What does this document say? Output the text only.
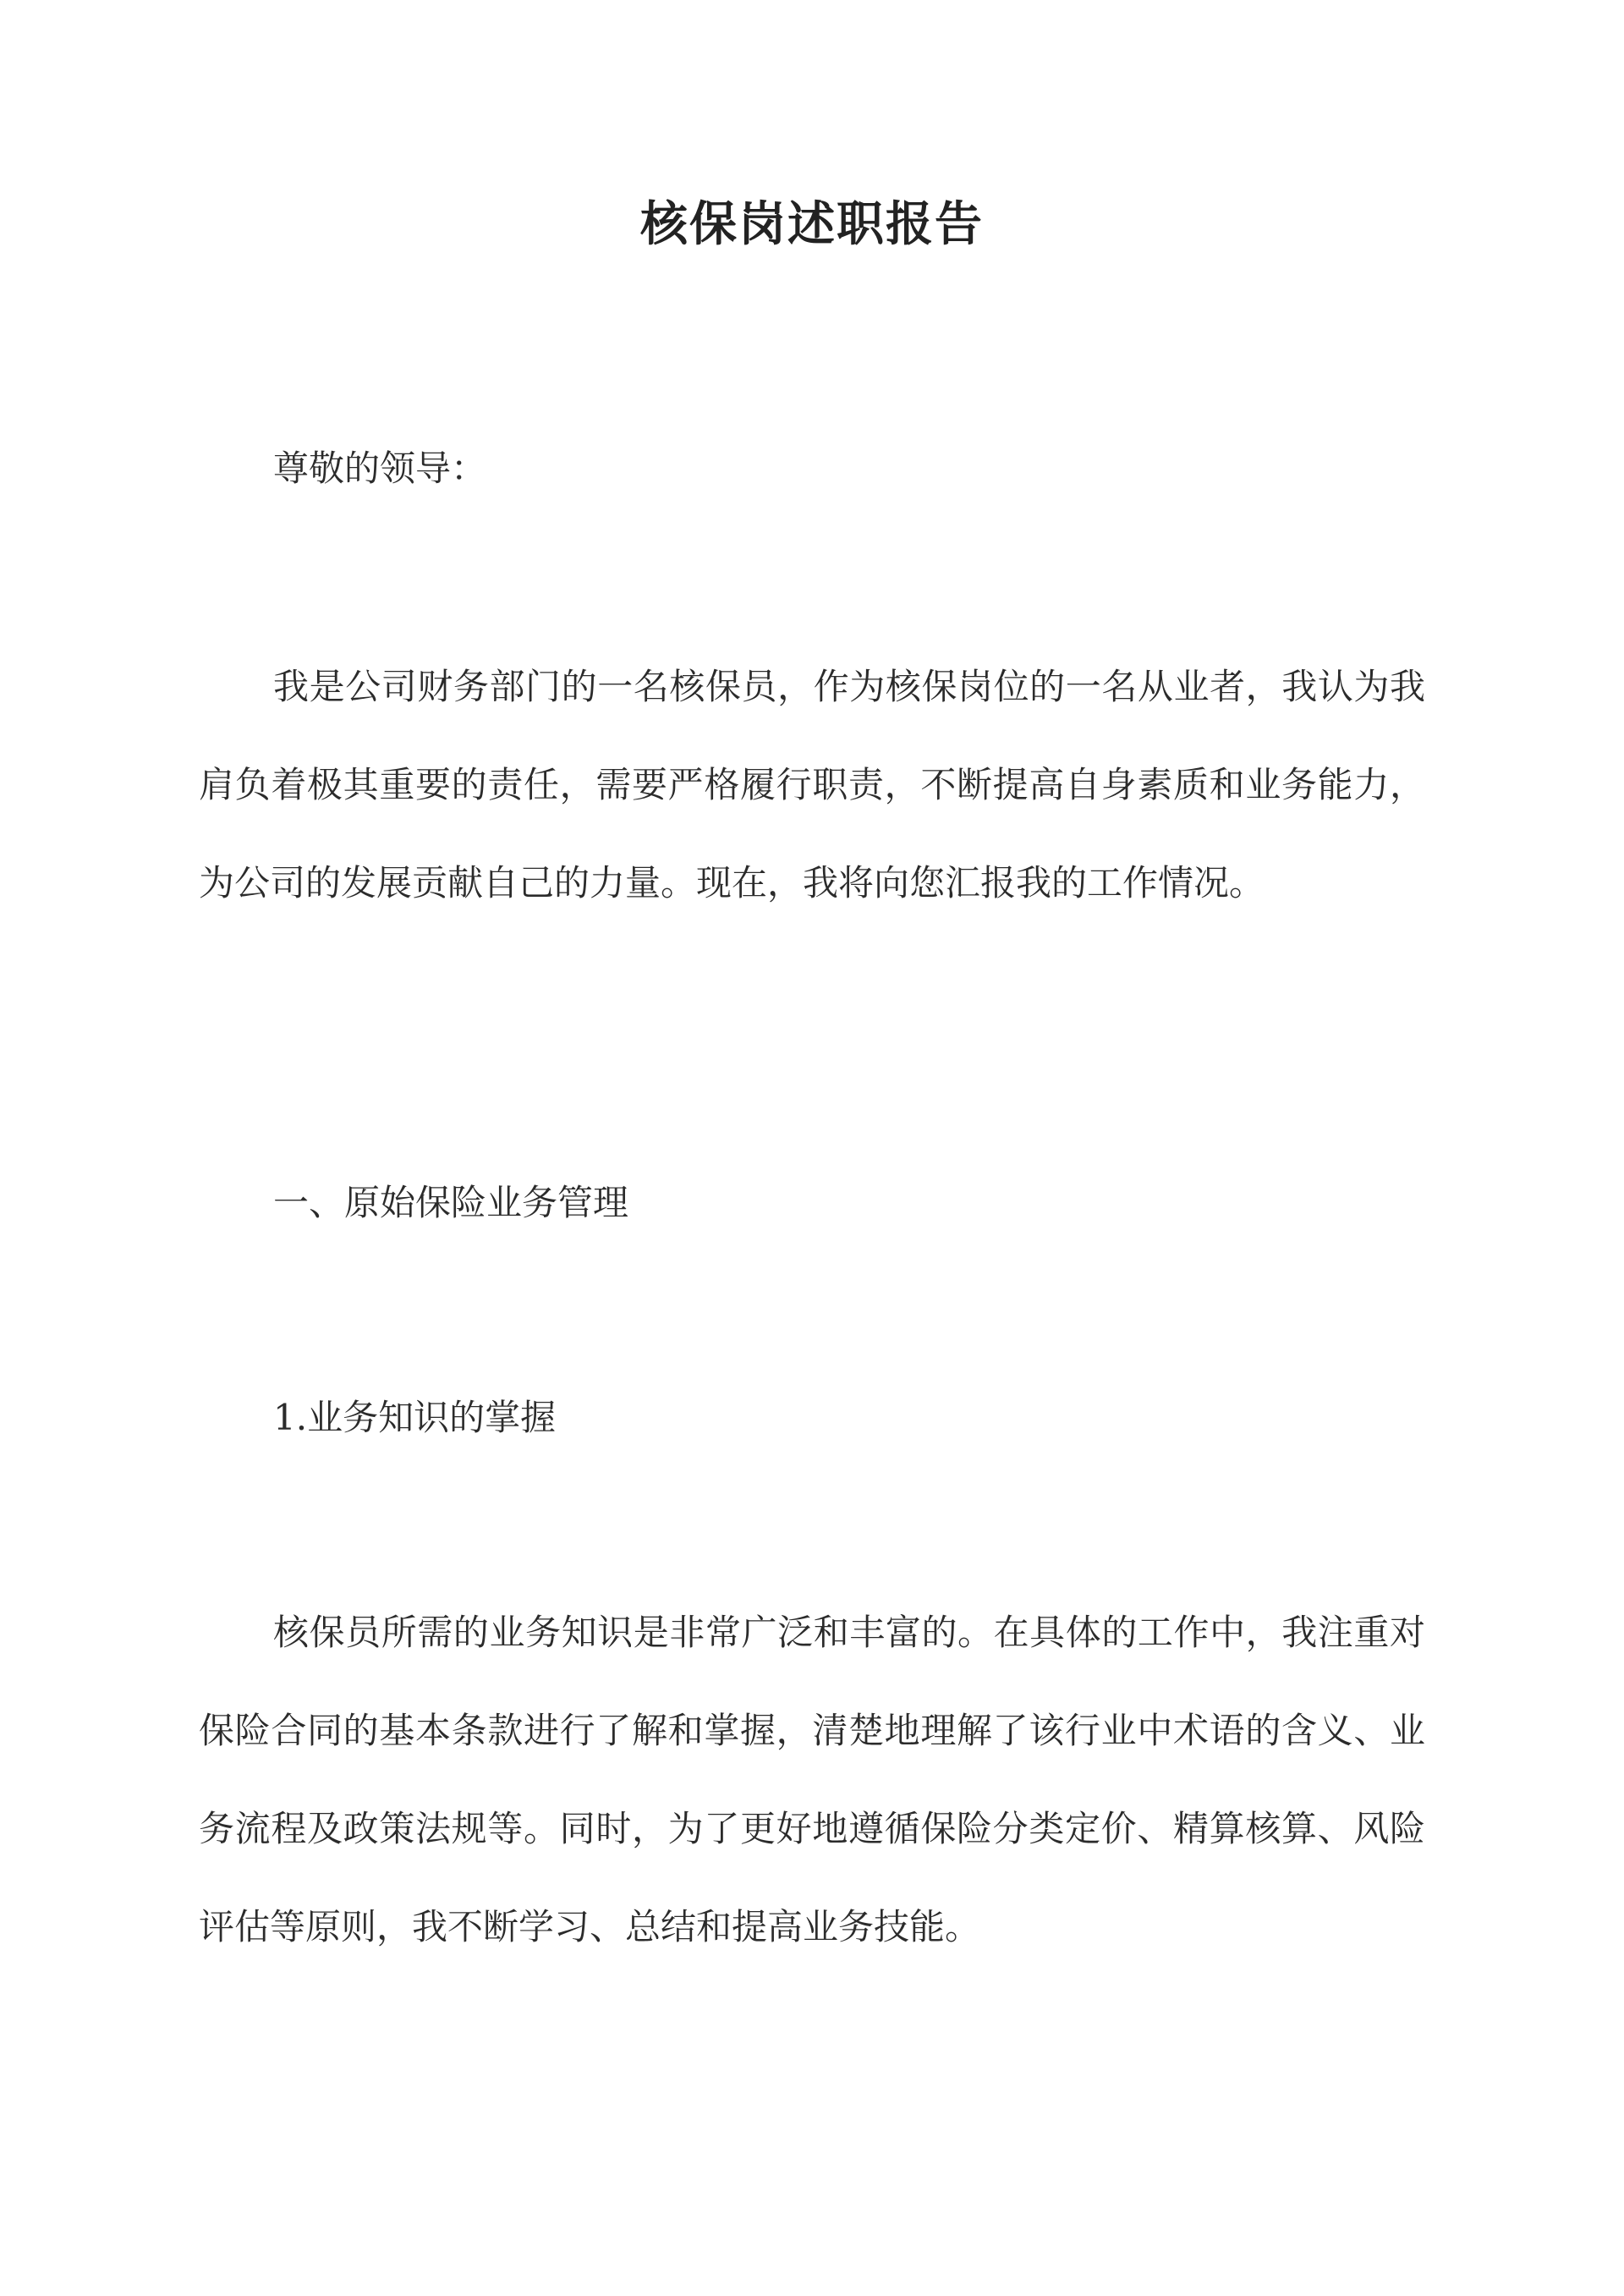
核保岗述职报告

尊敬的领导：

我是公司财务部门的一名核保员，作为核保岗位的一名从业者，我认为我肩负着极其重要的责任，需要严格履行职责，不断提高自身素质和业务能力，为公司的发展贡献自己的力量。现在，我将向您汇报我的工作情况。

一、原始保险业务管理
1.业务知识的掌握

核保员所需的业务知识是非常广泛和丰富的。在具体的工作中，我注重对保险合同的基本条款进行了解和掌握，清楚地理解了该行业中术语的含义、业务流程及政策法规等。同时，为了更好地遵循保险分类定价、精算核算、风险评估等原则，我不断学习、总结和提高业务技能。
